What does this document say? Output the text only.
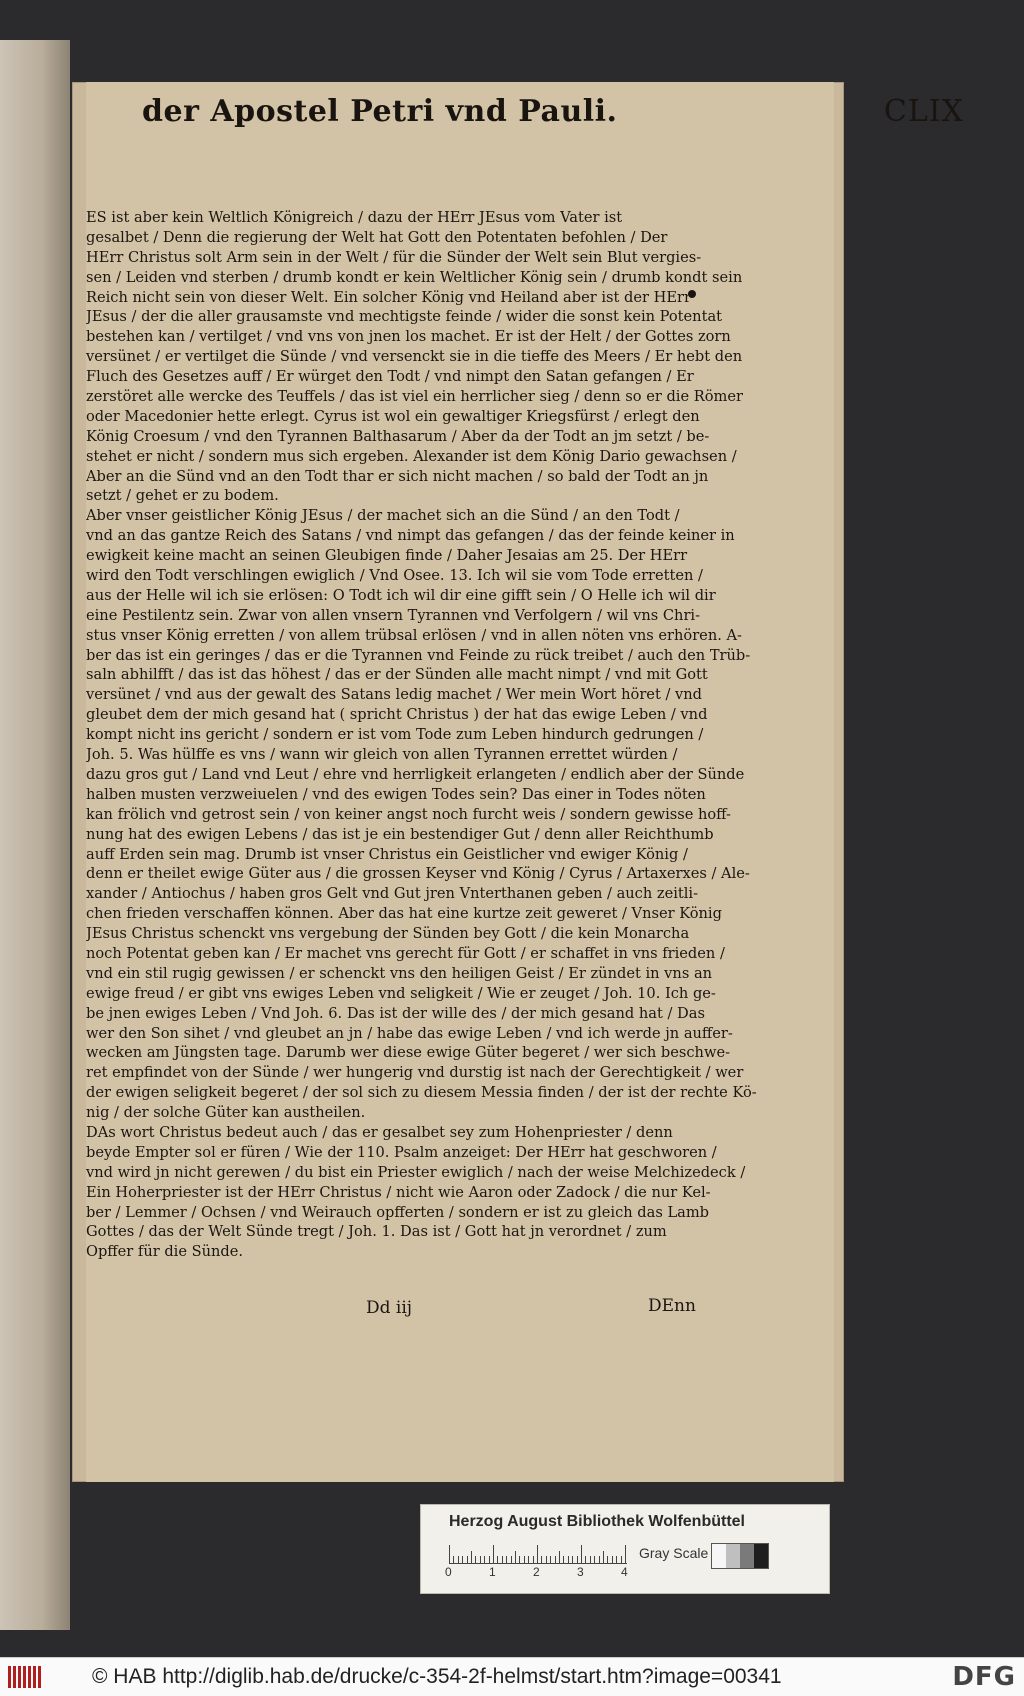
der Apostel Petri vnd Pauli.	CLIX
ES ist aber kein Weltlich Königreich / dazu der HErr JEsus vom Vater ist
gesalbet / Denn die regierung der Welt hat Gott den Potentaten befohlen / Der
HErr Christus solt Arm sein in der Welt / für die Sünder der Welt sein Blut vergies-
sen / Leiden vnd sterben / drumb kondt er kein Weltlicher König sein / drumb kondt sein
Reich nicht sein von dieser Welt. Ein solcher König vnd Heiland aber ist der HErr
JEsus / der die aller grausamste vnd mechtigste feinde / wider die sonst kein Potentat
bestehen kan / vertilget / vnd vns von jnen los machet. Er ist der Helt / der Gottes zorn
versünet / er vertilget die Sünde / vnd versenckt sie in die tieffe des Meers / Er hebt den
Fluch des Gesetzes auff / Er würget den Todt / vnd nimpt den Satan gefangen / Er
zerstöret alle wercke des Teuffels / das ist viel ein herrlicher sieg / denn so er die Römer
oder Macedonier hette erlegt. Cyrus ist wol ein gewaltiger Kriegsfürst / erlegt den
König Croesum / vnd den Tyrannen Balthasarum / Aber da der Todt an jm setzt / be-
stehet er nicht / sondern mus sich ergeben. Alexander ist dem König Dario gewachsen /
Aber an die Sünd vnd an den Todt thar er sich nicht machen / so bald der Todt an jn
setzt / gehet er zu bodem.
Aber vnser geistlicher König JEsus / der machet sich an die Sünd / an den Todt /
vnd an das gantze Reich des Satans / vnd nimpt das gefangen / das der feinde keiner in
ewigkeit keine macht an seinen Gleubigen finde / Daher Jesaias am 25. Der HErr
wird den Todt verschlingen ewiglich / Vnd Osee. 13. Ich wil sie vom Tode erretten /
aus der Helle wil ich sie erlösen: O Todt ich wil dir eine gifft sein / O Helle ich wil dir
eine Pestilentz sein. Zwar von allen vnsern Tyrannen vnd Verfolgern / wil vns Chri-
stus vnser König erretten / von allem trübsal erlösen / vnd in allen nöten vns erhören. A-
ber das ist ein geringes / das er die Tyrannen vnd Feinde zu rück treibet / auch den Trüb-
saln abhilfft / das ist das höhest / das er der Sünden alle macht nimpt / vnd mit Gott
versünet / vnd aus der gewalt des Satans ledig machet / Wer mein Wort höret / vnd
gleubet dem der mich gesand hat ( spricht Christus ) der hat das ewige Leben / vnd
kompt nicht ins gericht / sondern er ist vom Tode zum Leben hindurch gedrungen /
Joh. 5. Was hülffe es vns / wann wir gleich von allen Tyrannen errettet würden /
dazu gros gut / Land vnd Leut / ehre vnd herrligkeit erlangeten / endlich aber der Sünde
halben musten verzweiuelen / vnd des ewigen Todes sein? Das einer in Todes nöten
kan frölich vnd getrost sein / von keiner angst noch furcht weis / sondern gewisse hoff-
nung hat des ewigen Lebens / das ist je ein bestendiger Gut / denn aller Reichthumb
auff Erden sein mag. Drumb ist vnser Christus ein Geistlicher vnd ewiger König /
denn er theilet ewige Güter aus / die grossen Keyser vnd König / Cyrus / Artaxerxes / Ale-
xander / Antiochus / haben gros Gelt vnd Gut jren Vnterthanen geben / auch zeitli-
chen frieden verschaffen können. Aber das hat eine kurtze zeit geweret / Vnser König
JEsus Christus schenckt vns vergebung der Sünden bey Gott / die kein Monarcha
noch Potentat geben kan / Er machet vns gerecht für Gott / er schaffet in vns frieden /
vnd ein stil rugig gewissen / er schenckt vns den heiligen Geist / Er zündet in vns an
ewige freud / er gibt vns ewiges Leben vnd seligkeit / Wie er zeuget / Joh. 10. Ich ge-
be jnen ewiges Leben / Vnd Joh. 6. Das ist der wille des / der mich gesand hat / Das
wer den Son sihet / vnd gleubet an jn / habe das ewige Leben / vnd ich werde jn auffer-
wecken am Jüngsten tage. Darumb wer diese ewige Güter begeret / wer sich beschwe-
ret empfindet von der Sünde / wer hungerig vnd durstig ist nach der Gerechtigkeit / wer
der ewigen seligkeit begeret / der sol sich zu diesem Messia finden / der ist der rechte Kö-
nig / der solche Güter kan austheilen.
DAs wort Christus bedeut auch / das er gesalbet sey zum Hohenpriester / denn
beyde Empter sol er füren / Wie der 110. Psalm anzeiget: Der HErr hat geschworen /
vnd wird jn nicht gerewen / du bist ein Priester ewiglich / nach der weise Melchizedeck /
Ein Hoherpriester ist der HErr Christus / nicht wie Aaron oder Zadock / die nur Kel-
ber / Lemmer / Ochsen / vnd Weirauch opfferten / sondern er ist zu gleich das Lamb
Gottes / das der Welt Sünde tregt / Joh. 1. Das ist / Gott hat jn verordnet / zum
Opffer für die Sünde.
Dd iij	DEnn
Herzog August Bibliothek Wolfenbüttel
0	1	2	3	4
Gray Scale
© HAB http://diglib.hab.de/drucke/c-354-2f-helmst/start.htm?image=00341	DFG
